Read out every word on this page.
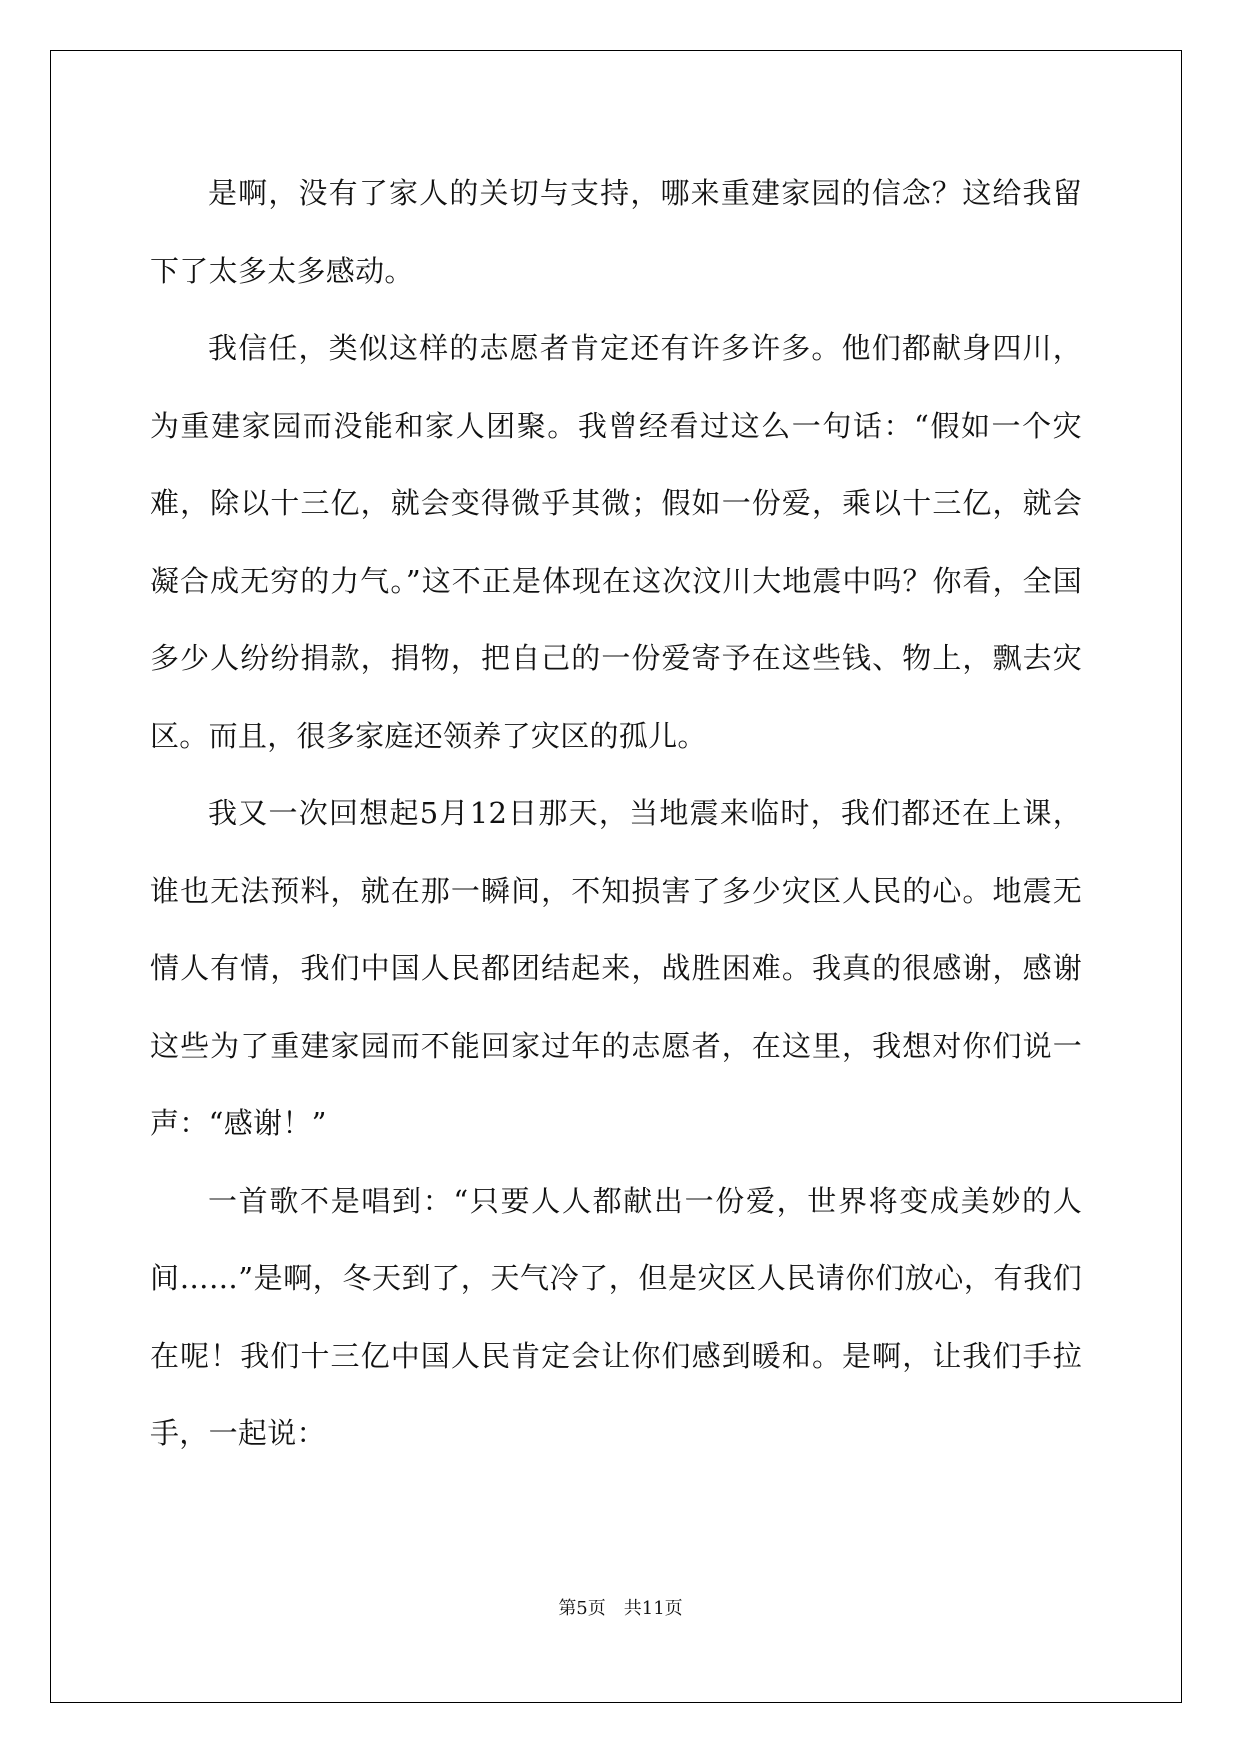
是啊，没有了家人的关切与支持，哪来重建家园的信念？这给我留下了太多太多感动。

我信任，类似这样的志愿者肯定还有许多许多。他们都献身四川，为重建家园而没能和家人团聚。我曾经看过这么一句话：“假如一个灾难，除以十三亿，就会变得微乎其微；假如一份爱，乘以十三亿，就会凝合成无穷的力气。”这不正是体现在这次汶川大地震中吗？你看，全国多少人纷纷捐款，捐物，把自己的一份爱寄予在这些钱、物上，飘去灾区。而且，很多家庭还领养了灾区的孤儿。

我又一次回想起5月12日那天，当地震来临时，我们都还在上课，谁也无法预料，就在那一瞬间，不知损害了多少灾区人民的心。地震无情人有情，我们中国人民都团结起来，战胜困难。我真的很感谢，感谢这些为了重建家园而不能回家过年的志愿者，在这里，我想对你们说一声：“感谢！”

一首歌不是唱到：“只要人人都献出一份爱，世界将变成美妙的人间……”是啊，冬天到了，天气冷了，但是灾区人民请你们放心，有我们在呢！我们十三亿中国人民肯定会让你们感到暖和。是啊，让我们手拉手，一起说：

第5页 共11页
